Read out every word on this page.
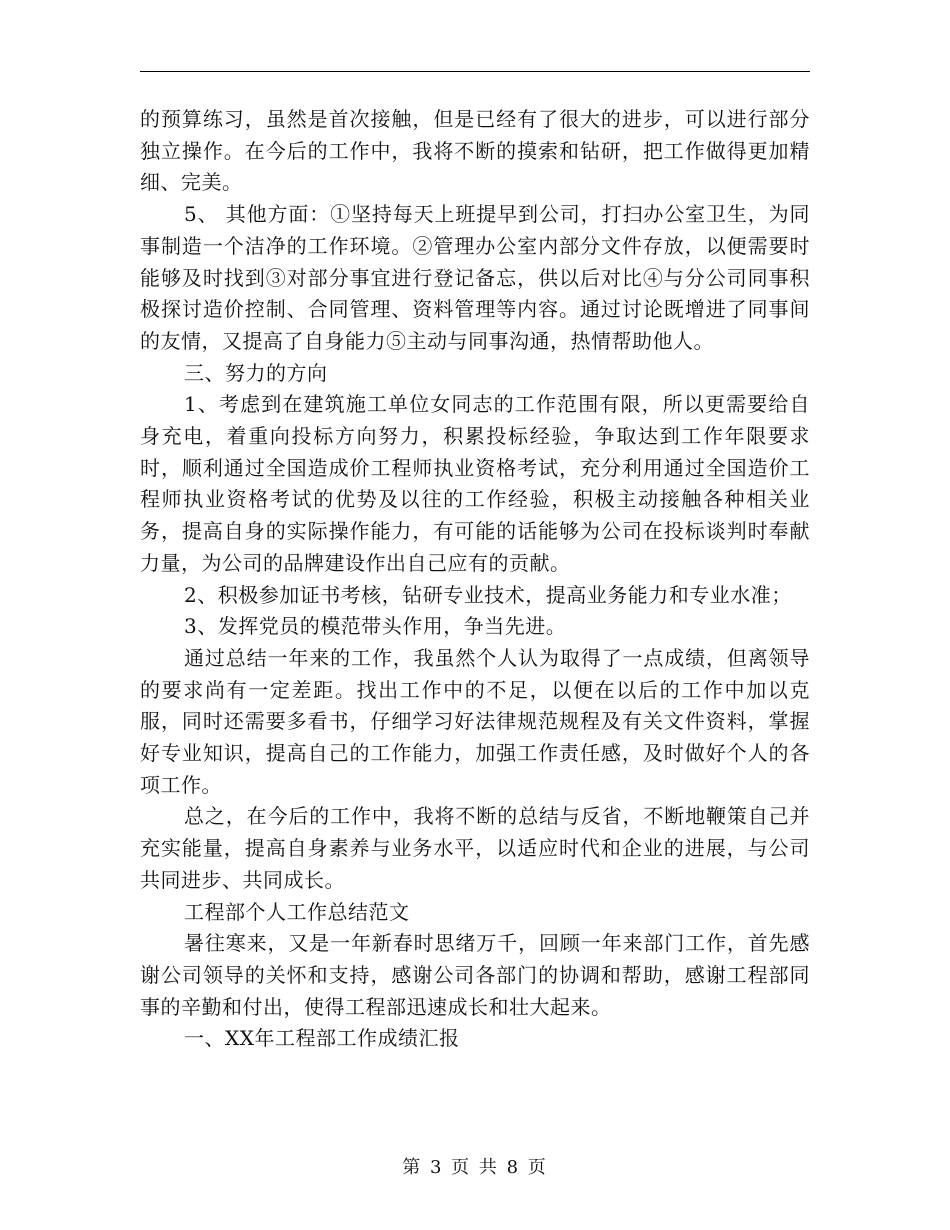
的预算练习，虽然是首次接触，但是已经有了很大的进步，可以进行部分独立操作。在今后的工作中，我将不断的摸索和钻研，把工作做得更加精细、完美。

5、 其他方面：①坚持每天上班提早到公司，打扫办公室卫生，为同事制造一个洁净的工作环境。②管理办公室内部分文件存放，以便需要时能够及时找到③对部分事宜进行登记备忘，供以后对比④与分公司同事积极探讨造价控制、合同管理、资料管理等内容。通过讨论既增进了同事间的友情，又提高了自身能力⑤主动与同事沟通，热情帮助他人。

三、努力的方向

1、考虑到在建筑施工单位女同志的工作范围有限，所以更需要给自身充电，着重向投标方向努力，积累投标经验，争取达到工作年限要求时，顺利通过全国造成价工程师执业资格考试，充分利用通过全国造价工程师执业资格考试的优势及以往的工作经验，积极主动接触各种相关业务，提高自身的实际操作能力，有可能的话能够为公司在投标谈判时奉献力量，为公司的品牌建设作出自己应有的贡献。

2、积极参加证书考核，钻研专业技术，提高业务能力和专业水准；

3、发挥党员的模范带头作用，争当先进。

通过总结一年来的工作，我虽然个人认为取得了一点成绩，但离领导的要求尚有一定差距。找出工作中的不足，以便在以后的工作中加以克服，同时还需要多看书，仔细学习好法律规范规程及有关文件资料，掌握好专业知识，提高自己的工作能力，加强工作责任感，及时做好个人的各项工作。

总之，在今后的工作中，我将不断的总结与反省，不断地鞭策自己并充实能量，提高自身素养与业务水平，以适应时代和企业的进展，与公司共同进步、共同成长。

工程部个人工作总结范文

暑往寒来，又是一年新春时思绪万千，回顾一年来部门工作，首先感谢公司领导的关怀和支持，感谢公司各部门的协调和帮助，感谢工程部同事的辛勤和付出，使得工程部迅速成长和壮大起来。

一、XX年工程部工作成绩汇报

第 3 页 共 8 页
